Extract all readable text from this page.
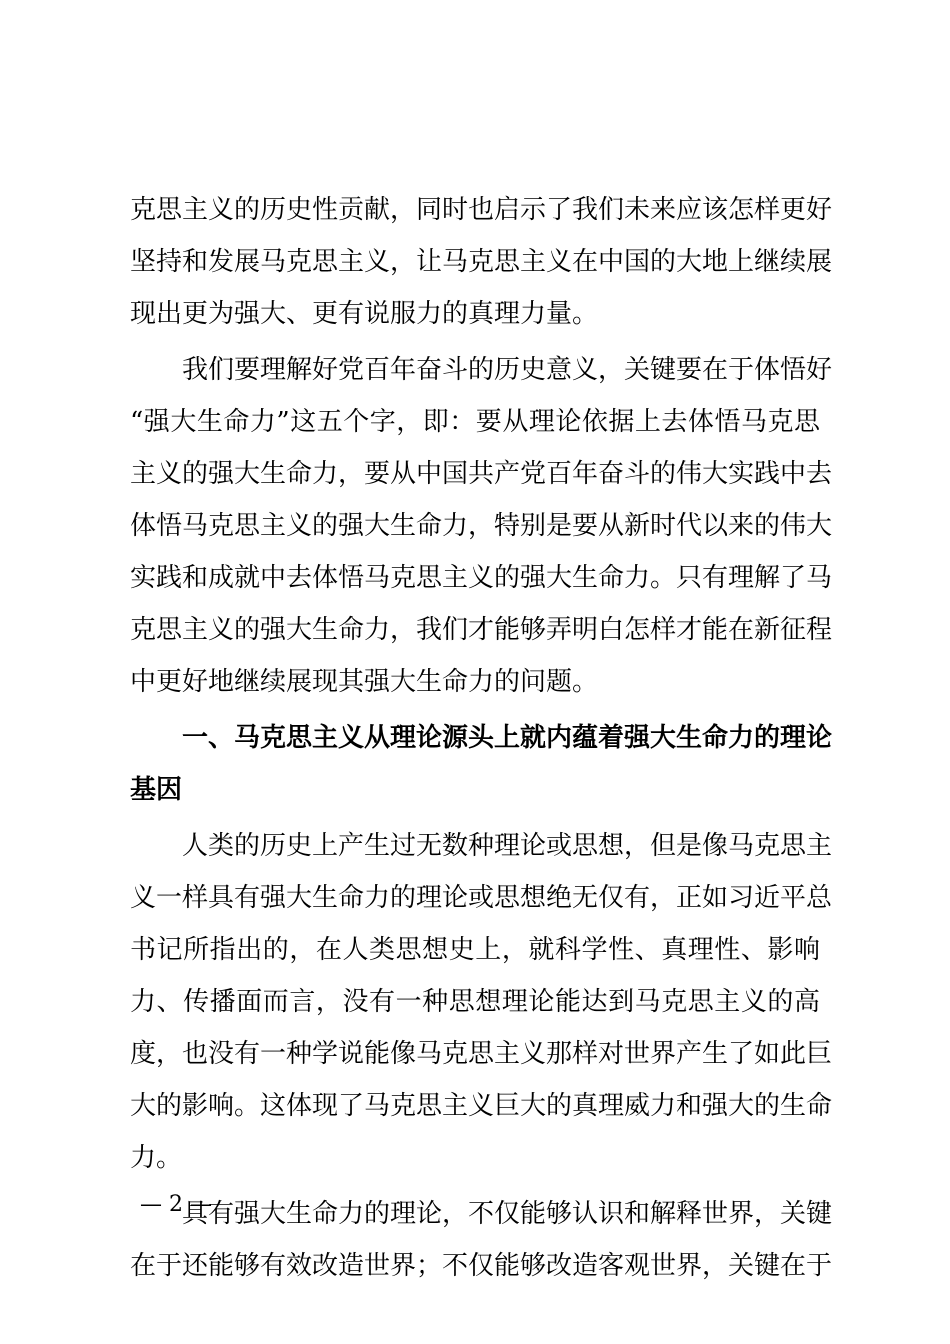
克思主义的历史性贡献，同时也启示了我们未来应该怎样更好
坚持和发展马克思主义，让马克思主义在中国的大地上继续展
现出更为强大、更有说服力的真理力量。
我们要理解好党百年奋斗的历史意义，关键要在于体悟好
“强大生命力”这五个字，即：要从理论依据上去体悟马克思
主义的强大生命力，要从中国共产党百年奋斗的伟大实践中去
体悟马克思主义的强大生命力，特别是要从新时代以来的伟大
实践和成就中去体悟马克思主义的强大生命力。只有理解了马
克思主义的强大生命力，我们才能够弄明白怎样才能在新征程
中更好地继续展现其强大生命力的问题。
一、马克思主义从理论源头上就内蕴着强大生命力的理论
基因
人类的历史上产生过无数种理论或思想，但是像马克思主
义一样具有强大生命力的理论或思想绝无仅有，正如习近平总
书记所指出的，在人类思想史上，就科学性、真理性、影响
力、传播面而言，没有一种思想理论能达到马克思主义的高
度，也没有一种学说能像马克思主义那样对世界产生了如此巨
大的影响。这体现了马克思主义巨大的真理威力和强大的生命
力。
具有强大生命力的理论，不仅能够认识和解释世界，关键
在于还能够有效改造世界；不仅能够改造客观世界，关键在于
— 2 —
